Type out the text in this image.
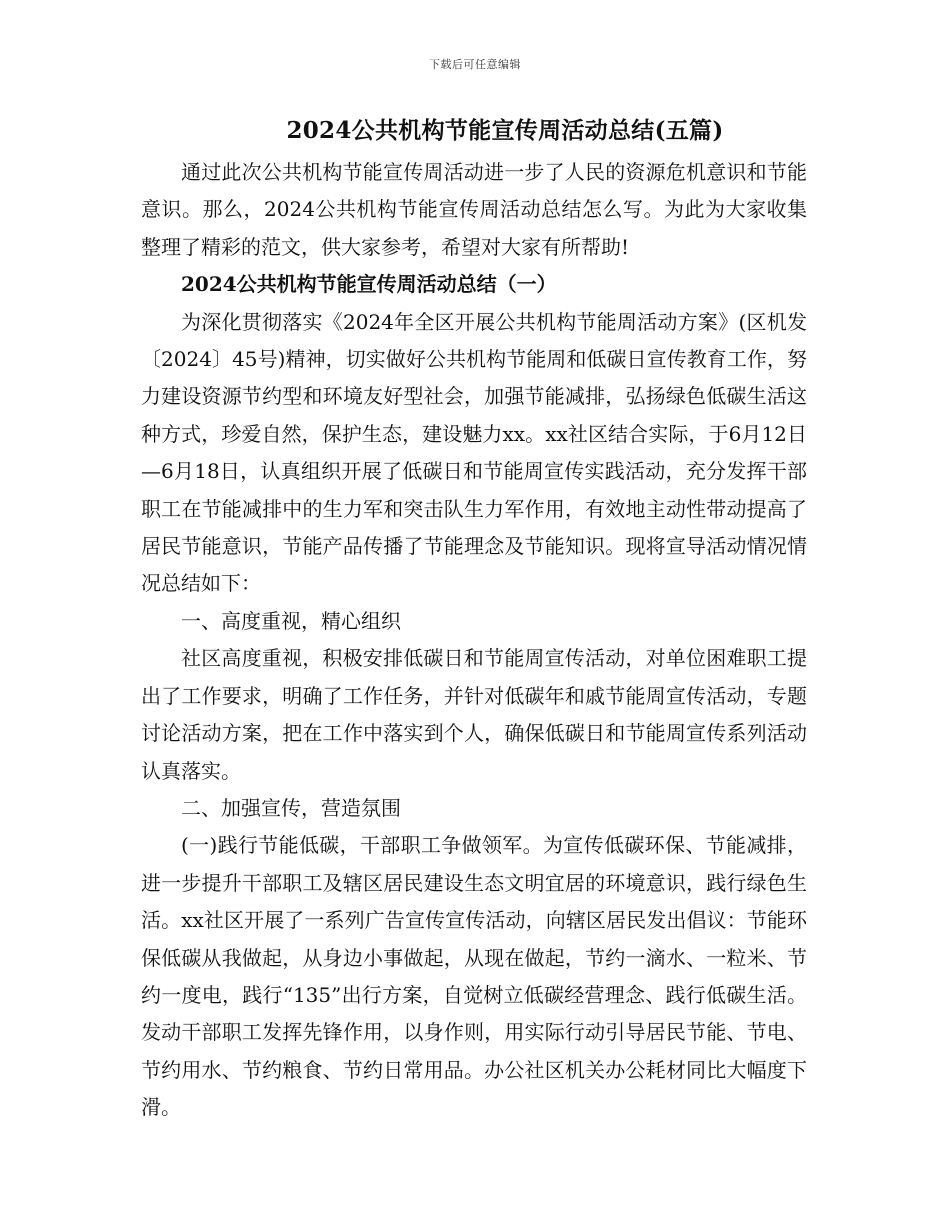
下载后可任意编辑
2024公共机构节能宣传周活动总结(五篇)

通过此次公共机构节能宣传周活动进一步了人民的资源危机意识和节能意识。那么，2024公共机构节能宣传周活动总结怎么写。为此为大家收集整理了精彩的范文，供大家参考，希望对大家有所帮助!

2024公共机构节能宣传周活动总结（一）

为深化贯彻落实《2024年全区开展公共机构节能周活动方案》(区机发〔2024〕45号)精神，切实做好公共机构节能周和低碳日宣传教育工作，努力建设资源节约型和环境友好型社会，加强节能减排，弘扬绿色低碳生活这种方式，珍爱自然，保护生态，建设魅力xx。xx社区结合实际，于6月12日—6月18日，认真组织开展了低碳日和节能周宣传实践活动，充分发挥干部职工在节能减排中的生力军和突击队生力军作用，有效地主动性带动提高了居民节能意识，节能产品传播了节能理念及节能知识。现将宣导活动情况情况总结如下：

一、高度重视，精心组织

社区高度重视，积极安排低碳日和节能周宣传活动，对单位困难职工提出了工作要求，明确了工作任务，并针对低碳年和戚节能周宣传活动，专题讨论活动方案，把在工作中落实到个人，确保低碳日和节能周宣传系列活动认真落实。

二、加强宣传，营造氛围

(一)践行节能低碳，干部职工争做领军。为宣传低碳环保、节能减排，进一步提升干部职工及辖区居民建设生态文明宜居的环境意识，践行绿色生活。xx社区开展了一系列广告宣传宣传活动，向辖区居民发出倡议：节能环保低碳从我做起，从身边小事做起，从现在做起，节约一滴水、一粒米、节约一度电，践行“135”出行方案，自觉树立低碳经营理念、践行低碳生活。发动干部职工发挥先锋作用，以身作则，用实际行动引导居民节能、节电、节约用水、节约粮食、节约日常用品。办公社区机关办公耗材同比大幅度下滑。
